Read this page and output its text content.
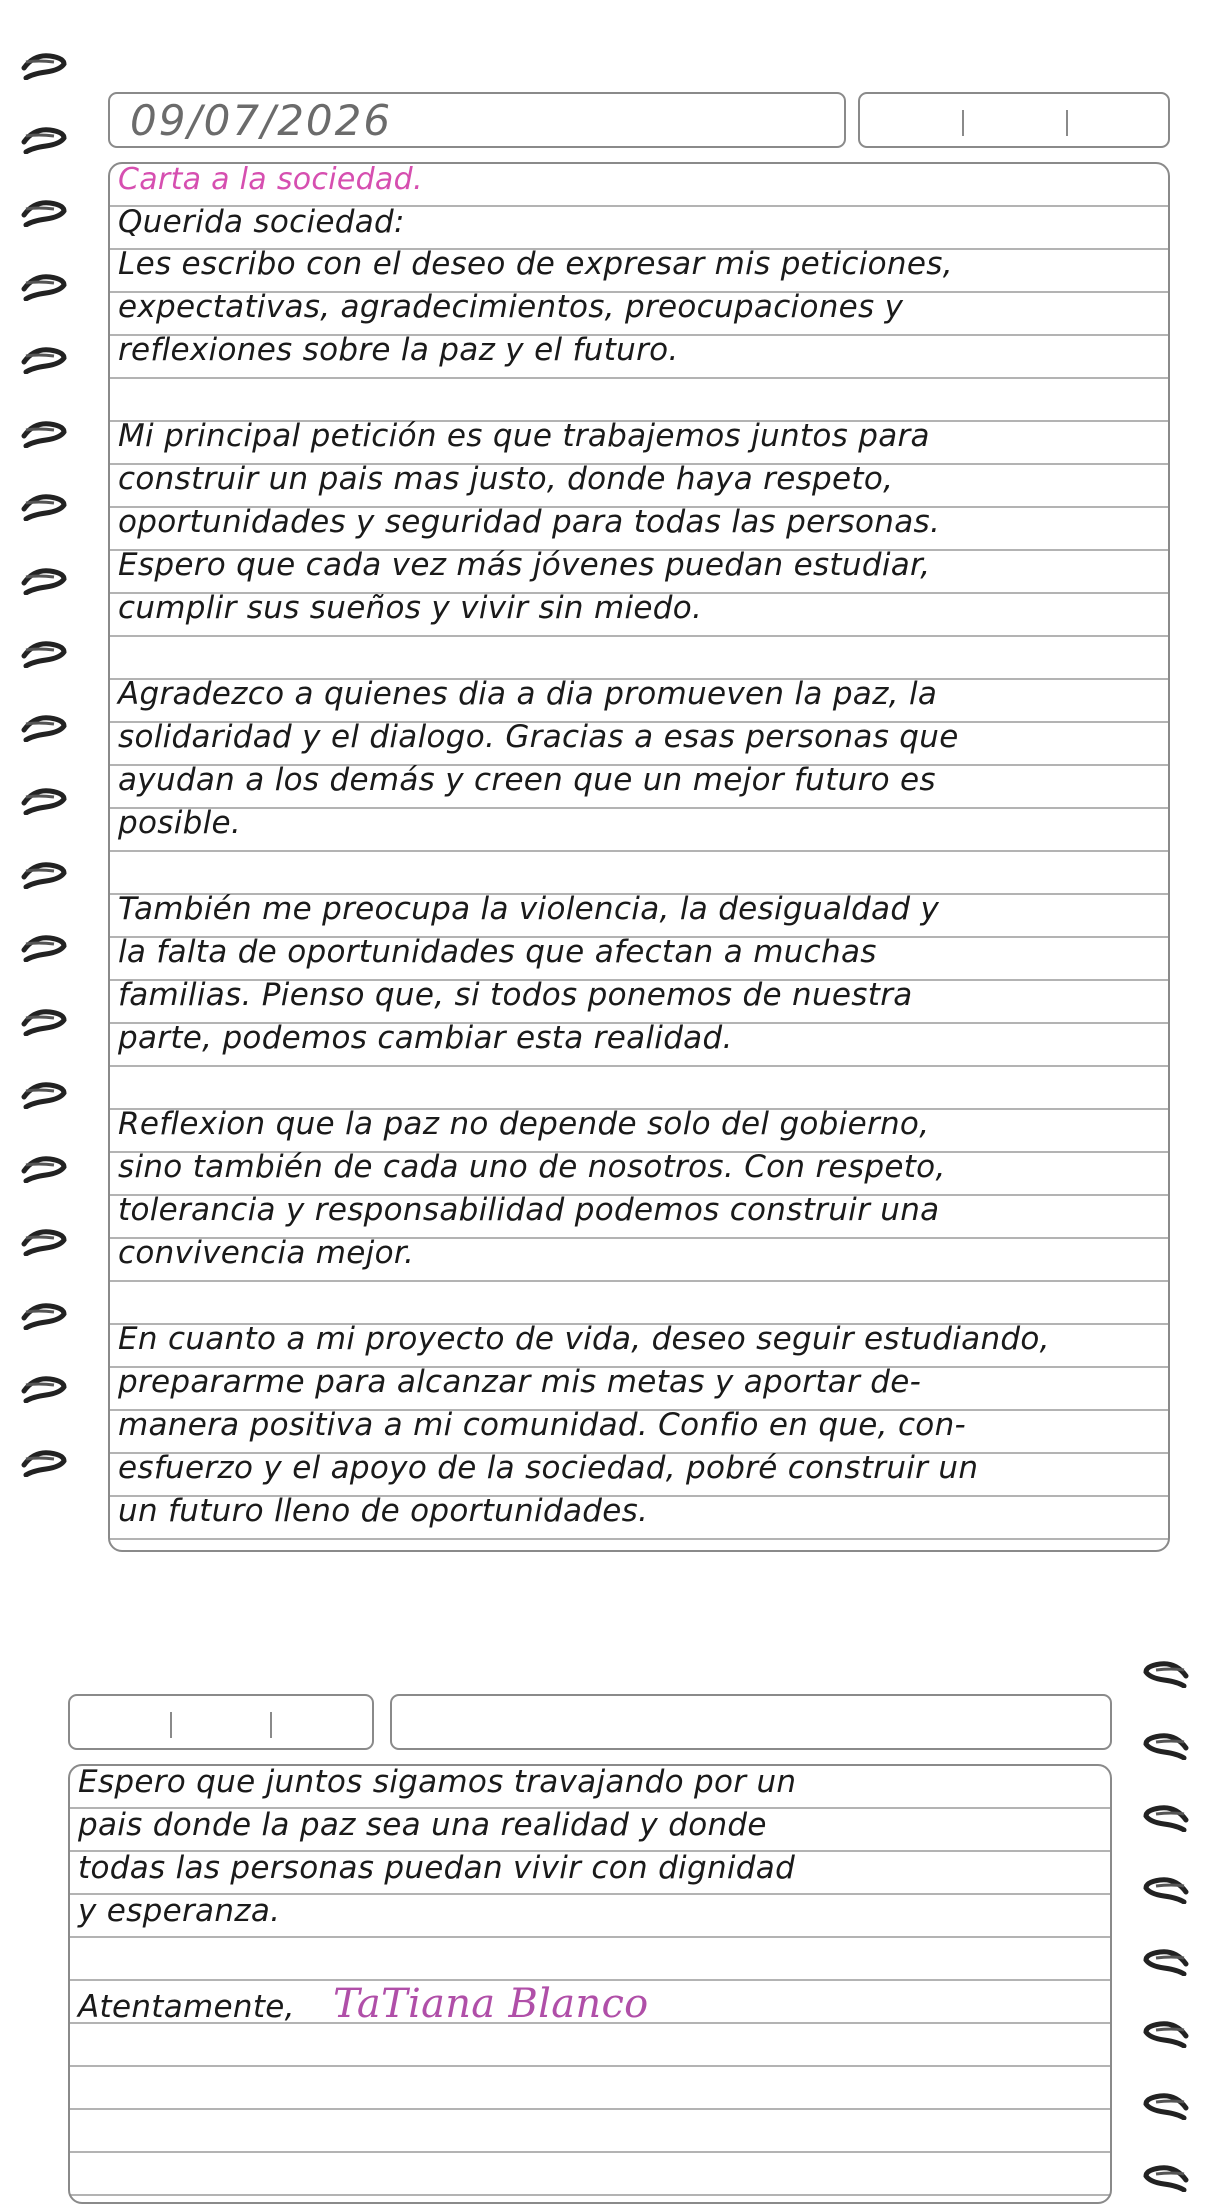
09/07/2026
Carta a la sociedad.
Querida sociedad:
Les escribo con el deseo de expresar mis peticiones,
expectativas, agradecimientos, preocupaciones y
reflexiones sobre la paz y el futuro.
Mi principal petición es que trabajemos juntos para
construir un pais mas justo, donde haya respeto,
oportunidades y seguridad para todas las personas.
Espero que cada vez más jóvenes puedan estudiar,
cumplir sus sueños y vivir sin miedo.
Agradezco a quienes dia a dia promueven la paz, la
solidaridad y el dialogo. Gracias a esas personas que
ayudan a los demás y creen que un mejor futuro es
posible.
También me preocupa la violencia, la desigualdad y
la falta de oportunidades que afectan a muchas
familias. Pienso que, si todos ponemos de nuestra
parte, podemos cambiar esta realidad.
Reflexion que la paz no depende solo del gobierno,
sino también de cada uno de nosotros. Con respeto,
tolerancia y responsabilidad podemos construir una
convivencia mejor.
En cuanto a mi proyecto de vida, deseo seguir estudiando,
prepararme para alcanzar mis metas y aportar de-
manera positiva a mi comunidad. Confio en que, con-
esfuerzo y el apoyo de la sociedad, pobré construir un
un futuro lleno de oportunidades.
Espero que juntos sigamos travajando por un
pais donde la paz sea una realidad y donde
todas las personas puedan vivir con dignidad
y esperanza.
Atentamente, TaTiana Blanco
